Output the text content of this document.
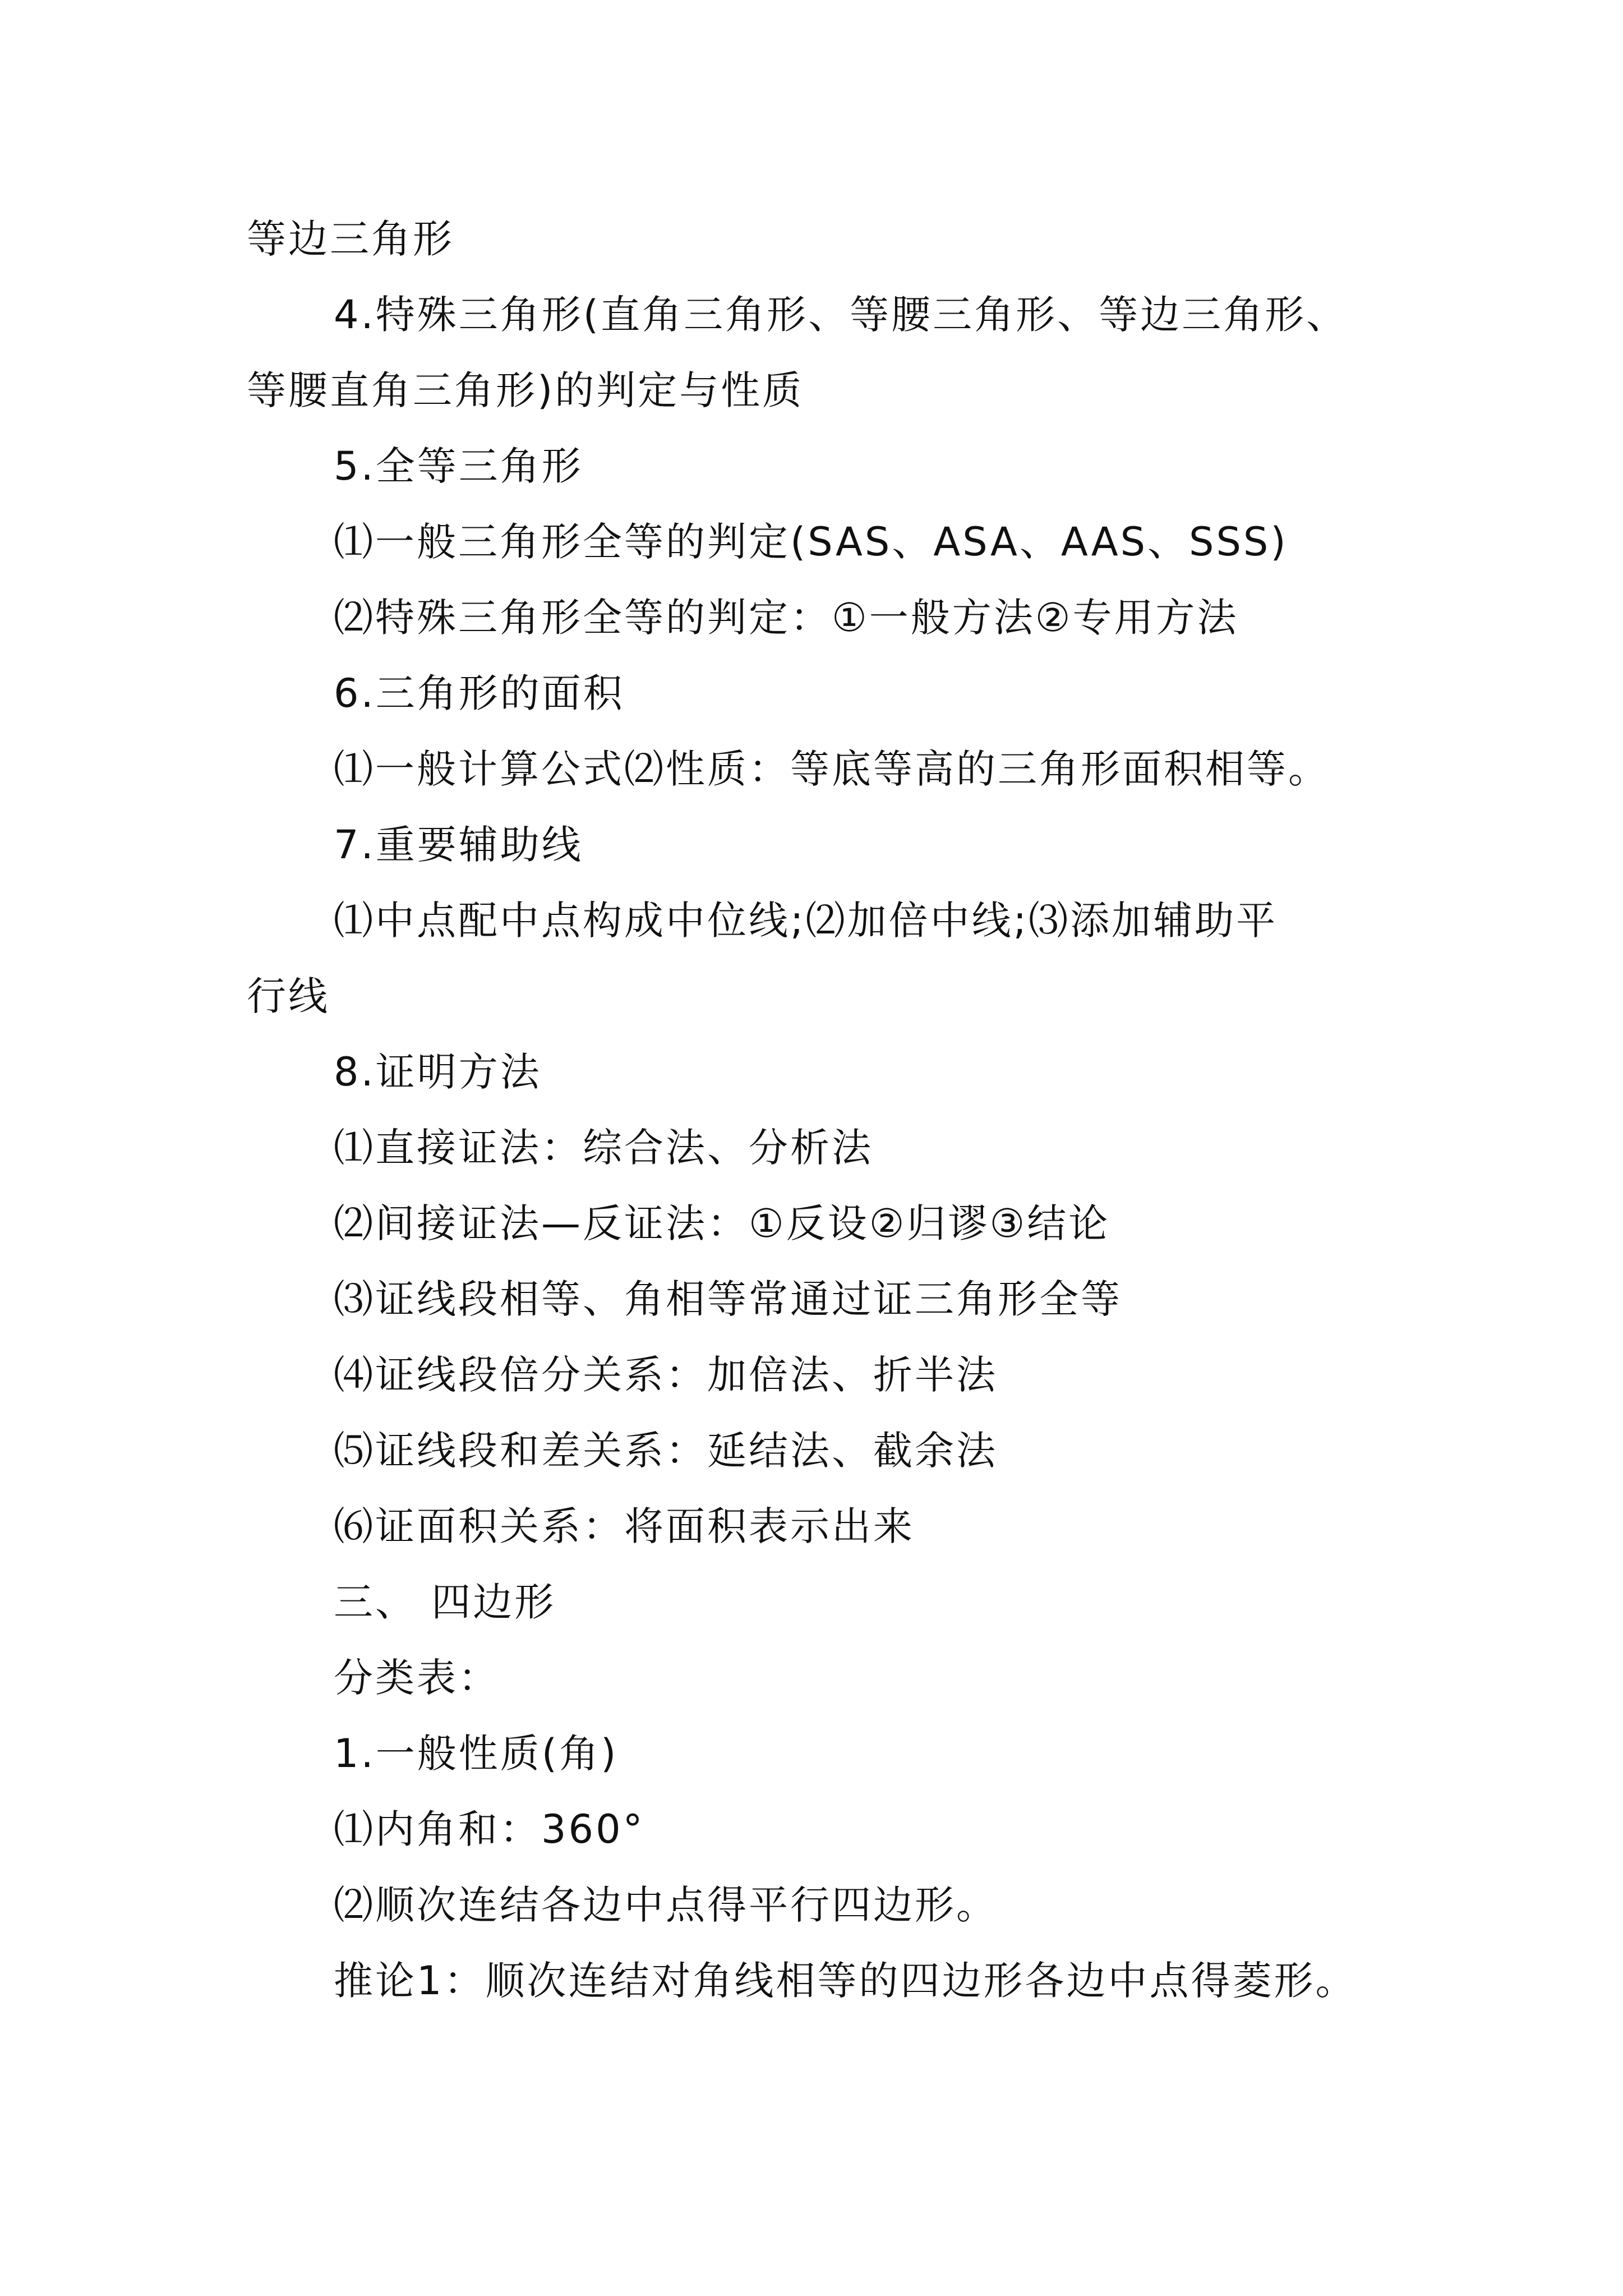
等边三角形
4.特殊三角形(直角三角形、等腰三角形、等边三角形、
等腰直角三角形)的判定与性质
5.全等三角形
⑴一般三角形全等的判定(SAS、ASA、AAS、SSS)
⑵特殊三角形全等的判定：①一般方法②专用方法
6.三角形的面积
⑴一般计算公式⑵性质：等底等高的三角形面积相等。
7.重要辅助线
⑴中点配中点构成中位线;⑵加倍中线;⑶添加辅助平
行线
8.证明方法
⑴直接证法：综合法、分析法
⑵间接证法—反证法：①反设②归谬③结论
⑶证线段相等、角相等常通过证三角形全等
⑷证线段倍分关系：加倍法、折半法
⑸证线段和差关系：延结法、截余法
⑹证面积关系：将面积表示出来
三、 四边形
分类表：
1.一般性质(角)
⑴内角和：360°
⑵顺次连结各边中点得平行四边形。
推论1：顺次连结对角线相等的四边形各边中点得菱形。
